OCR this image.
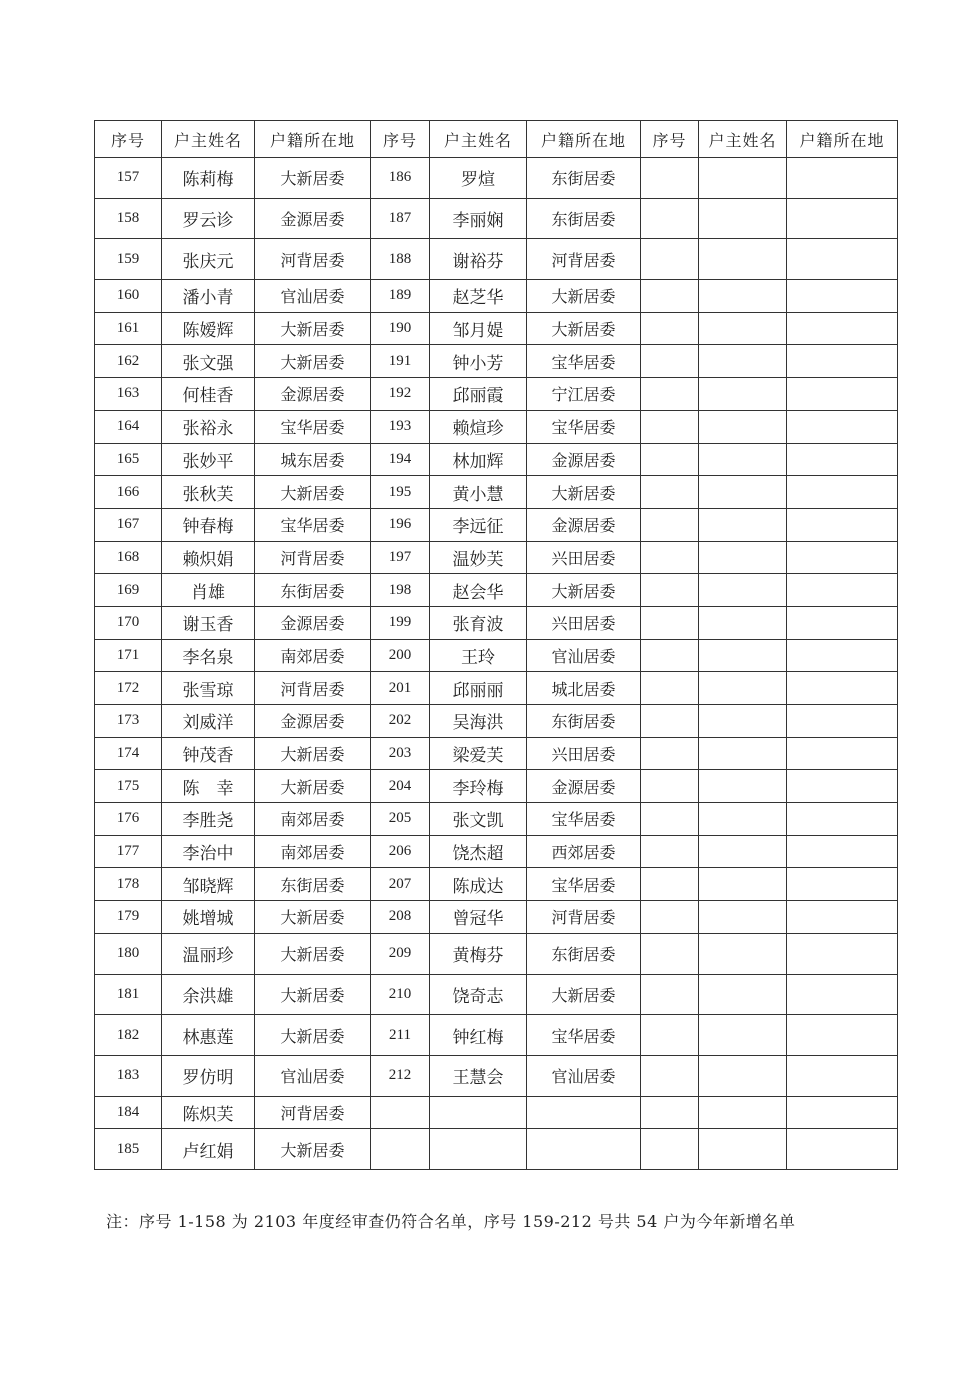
序号	户主姓名	户籍所在地	序号	户主姓名	户籍所在地	序号	户主姓名	户籍所在地
157	陈莉梅	大新居委	186	罗煊	东街居委			
158	罗云诊	金源居委	187	李丽娴	东街居委			
159	张庆元	河背居委	188	谢裕芬	河背居委			
160	潘小青	官汕居委	189	赵芝华	大新居委			
161	陈嫒辉	大新居委	190	邹月媞	大新居委			
162	张文强	大新居委	191	钟小芳	宝华居委			
163	何桂香	金源居委	192	邱丽霞	宁江居委			
164	张裕永	宝华居委	193	赖煊珍	宝华居委			
165	张妙平	城东居委	194	林加辉	金源居委			
166	张秋芙	大新居委	195	黄小慧	大新居委			
167	钟春梅	宝华居委	196	李远征	金源居委			
168	赖炽娟	河背居委	197	温妙芙	兴田居委			
169	肖雄	东街居委	198	赵会华	大新居委			
170	谢玉香	金源居委	199	张育波	兴田居委			
171	李名泉	南郊居委	200	王玲	官汕居委			
172	张雪琼	河背居委	201	邱丽丽	城北居委			
173	刘威洋	金源居委	202	吴海洪	东街居委			
174	钟茂香	大新居委	203	梁爱芙	兴田居委			
175	陈　幸	大新居委	204	李玲梅	金源居委			
176	李胜尧	南郊居委	205	张文凯	宝华居委			
177	李治中	南郊居委	206	饶杰超	西郊居委			
178	邹晓辉	东街居委	207	陈成达	宝华居委			
179	姚增城	大新居委	208	曾冠华	河背居委			
180	温丽珍	大新居委	209	黄梅芬	东街居委			
181	余洪雄	大新居委	210	饶奇志	大新居委			
182	林惠莲	大新居委	211	钟红梅	宝华居委			
183	罗仿明	官汕居委	212	王慧会	官汕居委			
184	陈炽芙	河背居委						
185	卢红娟	大新居委						
注：序号 1-158 为 2103 年度经审查仍符合名单，序号 159-212 号共 54 户为今年新增名单
